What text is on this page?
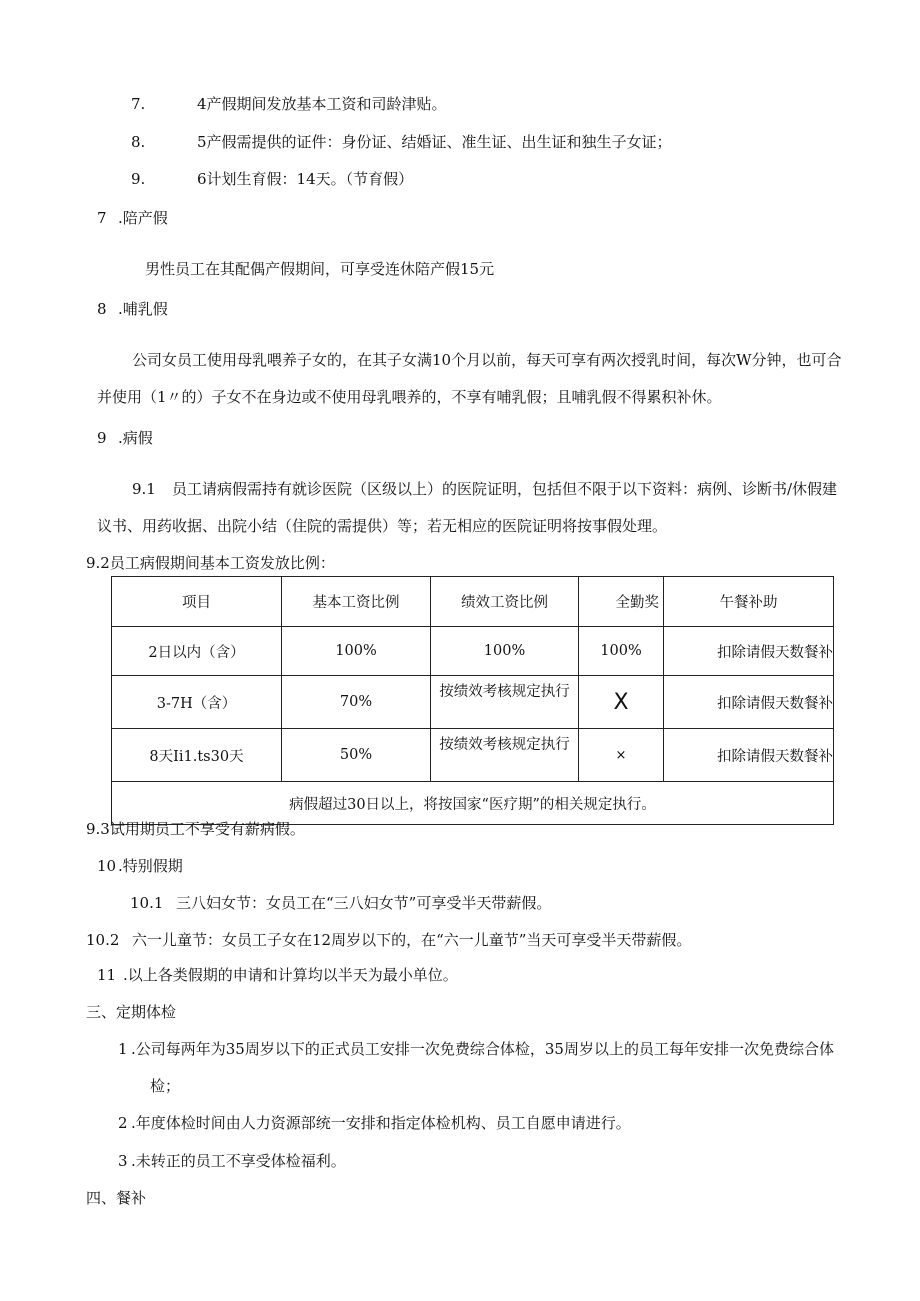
7.	4产假期间发放基本工资和司龄津贴。
8.	5产假需提供的证件：身份证、结婚证、准生证、出生证和独生子女证；
9.	6计划生育假：14天。（节育假）
7 .陪产假
男性员工在其配偶产假期间，可享受连休陪产假15元
8 .哺乳假
公司女员工使用母乳喂养子女的，在其子女满10个月以前，每天可享有两次授乳时间，每次W分钟，也可合
并使用（1〃的）子女不在身边或不使用母乳喂养的，不享有哺乳假；且哺乳假不得累积补休。
9 .病假
9.1 员工请病假需持有就诊医院（区级以上）的医院证明，包括但不限于以下资料：病例、诊断书/休假建
议书、用药收据、出院小结（住院的需提供）等；若无相应的医院证明将按事假处理。
9.2员工病假期间基本工资发放比例：
项目	基本工资比例	绩效工资比例	全勤奖	午餐补助
2日以内（含）	100%	100%	100%	扣除请假天数餐补
3-7H（含）	70%	按绩效考核规定执行	X	扣除请假天数餐补
8天Ii1.ts30天	50%	按绩效考核规定执行	×	扣除请假天数餐补
病假超过30日以上，将按国家“医疗期”的相关规定执行。				
9.3试用期员工不享受有薪病假。
10 .特别假期
10.1 三八妇女节：女员工在“三八妇女节”可享受半天带薪假。
10.2 六一儿童节：女员工子女在12周岁以下的，在“六一儿童节”当天可享受半天带薪假。
11 .以上各类假期的申请和计算均以半天为最小单位。
三、定期体检
1 .公司每两年为35周岁以下的正式员工安排一次免费综合体检，35周岁以上的员工每年安排一次免费综合体
检；
2 .年度体检时间由人力资源部统一安排和指定体检机构、员工自愿申请进行。
3 .未转正的员工不享受体检福利。
四、餐补
